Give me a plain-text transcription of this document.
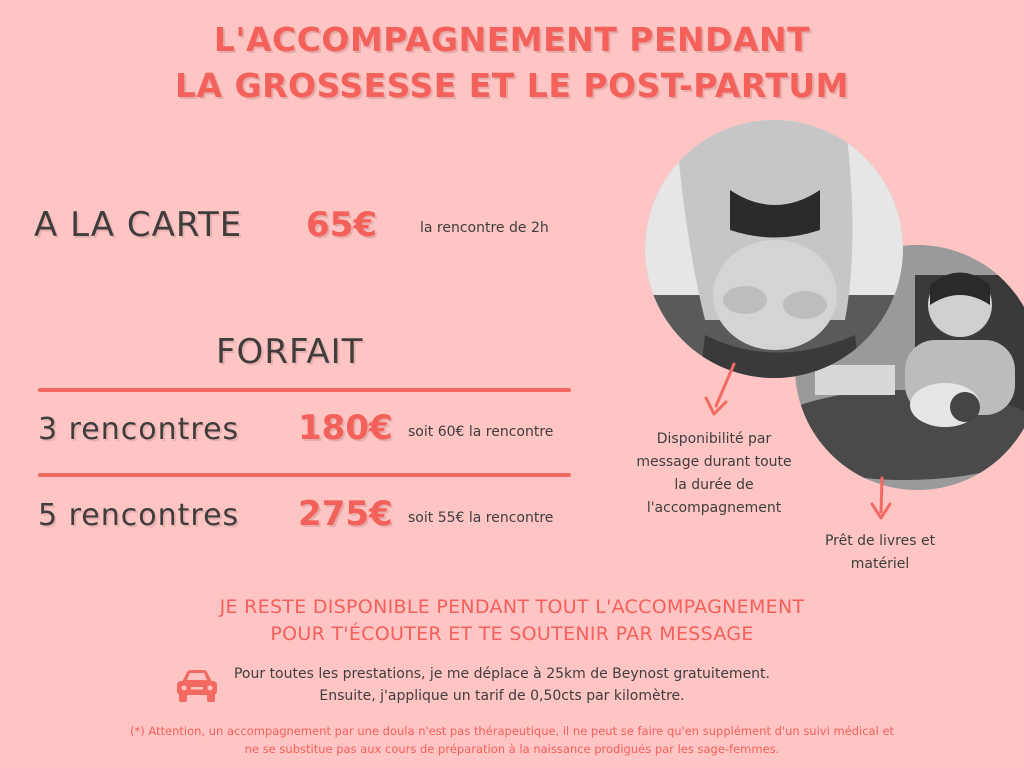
L'ACCOMPAGNEMENT PENDANT
LA GROSSESSE ET LE POST-PARTUM
A LA CARTE 65€	la rencontre de 2h
FORFAIT
3 rencontres 180€ soit 60€ la rencontre
5 rencontres 275€ soit 55€ la rencontre
Disponibilité par
message durant toute
la durée de
l'accompagnement
Prêt de livres et
matériel
JE RESTE DISPONIBLE PENDANT TOUT L'ACCOMPAGNEMENT
POUR T'ÉCOUTER ET TE SOUTENIR PAR MESSAGE
Pour toutes les prestations, je me déplace à 25km de Beynost gratuitement.
Ensuite, j'applique un tarif de 0,50cts par kilomètre.
(*) Attention, un accompagnement par une doula n'est pas thérapeutique, il ne peut se faire qu'en supplément d'un suivi médical et
ne se substitue pas aux cours de préparation à la naissance prodigués par les sage-femmes.
